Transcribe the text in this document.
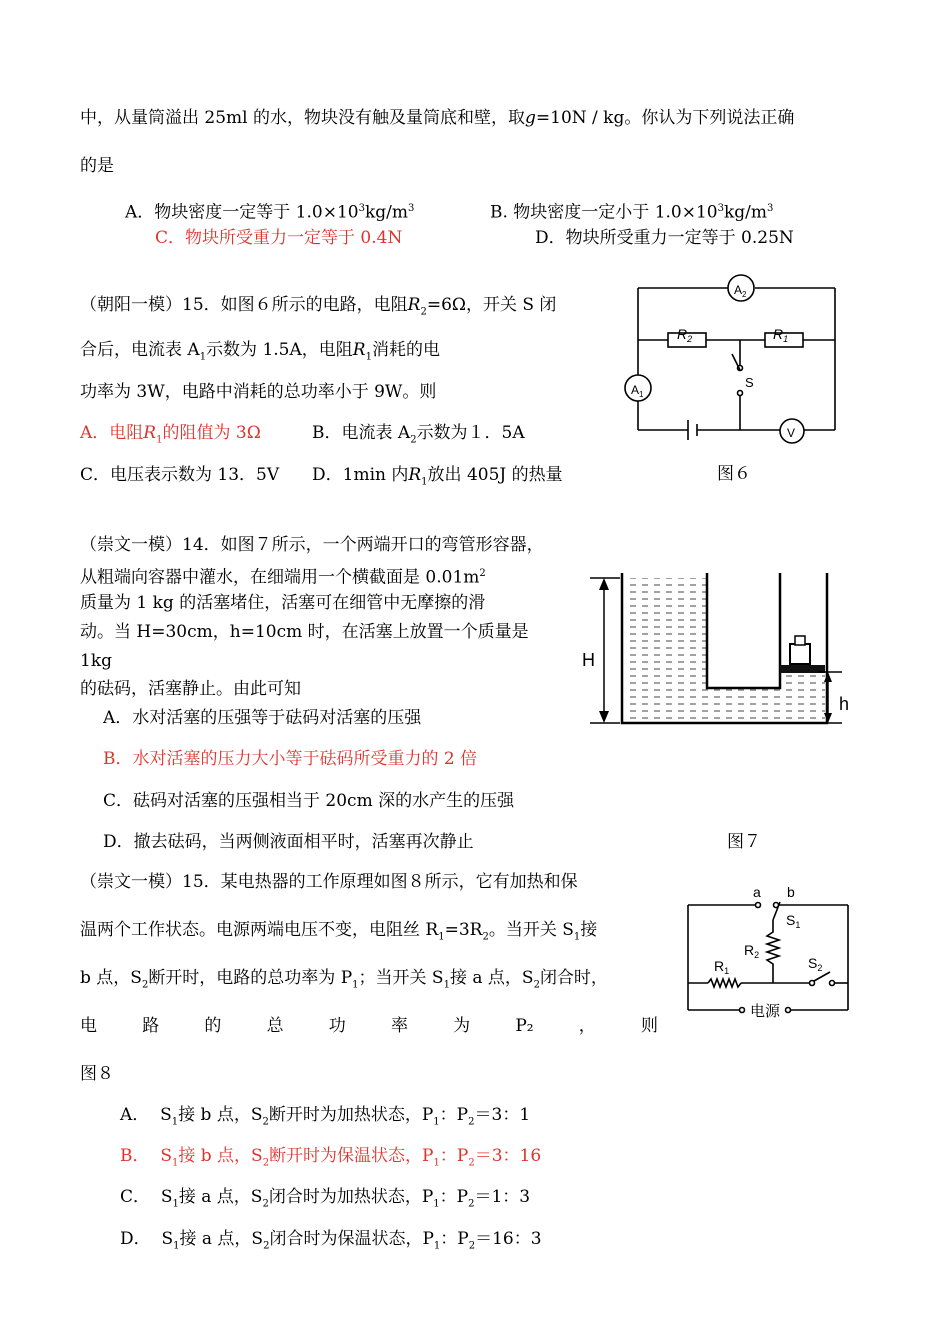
中，从量筒溢出 25ml 的水，物块没有触及量筒底和壁，取g=10N / kg。你认为下列说法正确
的是
A．物块密度一定等于 $1.0\times 10^3kg/m^3$	B. 物块密度一定小于 $1.0\times 10^3kg/m^3$
C．物块所受重力一定等于 0.4N	D．物块所受重力一定等于 0.25N
（朝阳一模）15．如图６所示的电路，电阻$R_2=6\Omega$，开关 S 闭
合后，电流表 $A_1$示数为 1.5A，电阻$R_1$消耗的电
功率为 3W，电路中消耗的总功率小于 9W。则
A．电阻$R_1$的阻值为 3Ω	B．电流表 $A_2$示数为１．5A
C．电压表示数为 13．5V D．1min 内$R_1$放出 405J 的热量	图６
$A_2$
$R_2$	$R_1$
$A_1$
S
V
（崇文一模）14．如图７所示，一个两端开口的弯管形容器，
从粗端向容器中灌水，在细端用一个横截面是 $0.01m^2$
质量为 1 kg 的活塞堵住，活塞可在细管中无摩擦的滑
动。当 H=30cm，h=10cm 时，在活塞上放置一个质量是
1kg
的砝码，活塞静止。由此可知
A．水对活塞的压强等于砝码对活塞的压强
B．水对活塞的压力大小等于砝码所受重力的 2 倍
C．砝码对活塞的压强相当于 20cm 深的水产生的压强
D．撤去砝码，当两侧液面相平时，活塞再次静止	图７
H
h
（崇文一模）15．某电热器的工作原理如图８所示，它有加热和保
温两个工作状态。电源两端电压不变，电阻丝 $R_1=3R_2$。当开关 $S_1$接
b 点，$S_2$断开时，电路的总功率为 $P_1$；当开关 $S_1$接 a 点，$S_2$闭合时，
电	路	的	总	功	率	为	P₂	，	则
图８
A． $S_1$接 b 点，$S_2$断开时为加热状态，$P_1$：$P_2=3$：1
B． $S_1$接 b 点，$S_2$断开时为保温状态，$P_1$：$P_2=3$：16
C． $S_1$接 a 点，$S_2$闭合时为加热状态，$P_1$：$P_2=1$：3
D． $S_1$接 a 点，$S_2$闭合时为保温状态，$P_1$：$P_2=16$：3
a b
$S_1$
$R_2$
$R_1$	$S_2$
电源
